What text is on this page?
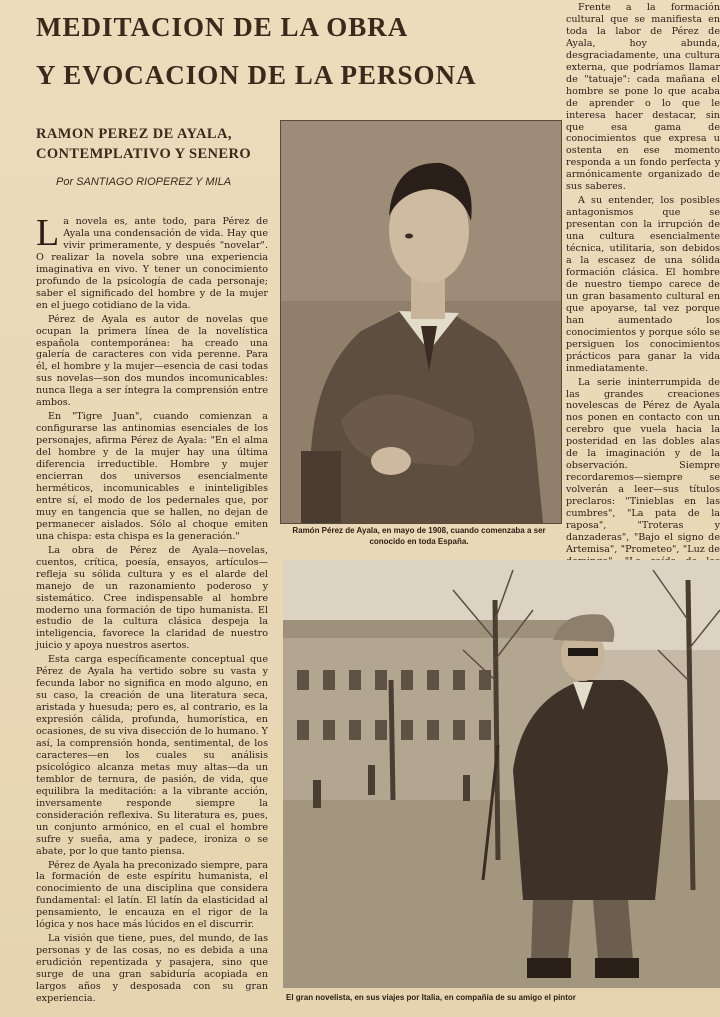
MEDITACION DE LA OBRA
Y EVOCACION DE LA PERSONA
RAMON PEREZ DE AYALA,
CONTEMPLATIVO Y SENERO
Por SANTIAGO RIOPEREZ Y MILA

La novela es, ante todo, para Pérez de Ayala una condensación de vida. Hay que vivir primeramente, y después "novelar". O realizar la novela sobre una experiencia imaginativa en vivo. Y tener un conocimiento profundo de la psicología de cada personaje; saber el significado del hombre y de la mujer en el juego cotidiano de la vida.

Pérez de Ayala es autor de novelas que ocupan la primera línea de la novelística española contemporánea: ha creado una galería de caracteres con vida perenne. Para él, el hombre y la mujer—esencia de casi todas sus novelas—son dos mundos incomunicables: nunca llega a ser íntegra la comprensión entre ambos.

En "Tigre Juan", cuando comienzan a configurarse las antinomias esenciales de los personajes, afirma Pérez de Ayala: "En el alma del hombre y de la mujer hay una última diferencia irreductible. Hombre y mujer encierran dos universos esencialmente herméticos, incomunicables e ininteligibles entre sí, el modo de los pedernales que, por muy en tangencia que se hallen, no dejan de permanecer aislados. Sólo al choque emiten una chispa: esta chispa es la generación."

La obra de Pérez de Ayala—novelas, cuentos, crítica, poesía, ensayos, artículos—refleja su sólida cultura y es el alarde del manejo de un razonamiento poderoso y sistemático. Cree indispensable al hombre moderno una formación de tipo humanista. El estudio de la cultura clásica despeja la inteligencia, favorece la claridad de nuestro juicio y apoya nuestros asertos.

Esta carga específicamente conceptual que Pérez de Ayala ha vertido sobre su vasta y fecunda labor no significa en modo alguno, en su caso, la creación de una literatura seca, aristada y huesuda; pero es, al contrario, es la expresión cálida, profunda, humorística, en ocasiones, de su viva disección de lo humano. Y así, la comprensión honda, sentimental, de los caracteres—en los cuales su análisis psicológico alcanza metas muy altas—da un temblor de ternura, de pasión, de vida, que equilibra la meditación: a la vibrante acción, inversamente responde siempre la consideración reflexiva. Su literatura es, pues, un conjunto armónico, en el cual el hombre sufre y sueña, ama y padece, ironiza o se abate, por lo que tanto piensa.

Pérez de Ayala ha preconizado siempre, para la formación de este espíritu humanista, el conocimiento de una disciplina que considera fundamental: el latín. El latín da elasticidad al pensamiento, le encauza en el rigor de la lógica y nos hace más lúcidos en el discurrir.

La visión que tiene, pues, del mundo, de las personas y de las cosas, no es debida a una erudición repentizada y pasajera, sino que surge de una gran sabiduría acopiada en largos años y desposada con su gran experiencia.

Frente a la formación cultural que se manifiesta en toda la labor de Pérez de Ayala, hoy abunda, desgraciadamente, una cultura externa, que podríamos llamar de "tatuaje": cada mañana el hombre se pone lo que acaba de aprender o lo que le interesa hacer destacar, sin que esa gama de conocimientos que expresa u ostenta en ese momento responda a un fondo perfecta y armónicamente organizado de sus saberes.

A su entender, los posibles antagonismos que se presentan con la irrupción de una cultura esencialmente técnica, utilitaria, son debidos a la escasez de una sólida formación clásica. El hombre de nuestro tiempo carece de un gran basamento cultural en que apoyarse, tal vez porque han aumentado los conocimientos y porque sólo se persiguen los conocimientos prácticos para ganar la vida inmediatamente.

La serie ininterrumpida de las grandes creaciones novelescas de Pérez de Ayala nos ponen en contacto con un cerebro que vuela hacia la posteridad en las dobles alas de la imaginación y de la observación. Siempre recordaremos—siempre se volverán a leer—sus títulos preclaros: "Tinieblas en las cumbres", "La pata de la raposa", "Troteras y danzaderas", "Bajo el signo de Artemisa", "Prometeo", "Luz de

Ramón Pérez de Ayala, en mayo de 1908, cuando comenzaba a ser conocido en toda España.
El gran novelista, en sus viajes por Italia, en compañía de su amigo el pintor
